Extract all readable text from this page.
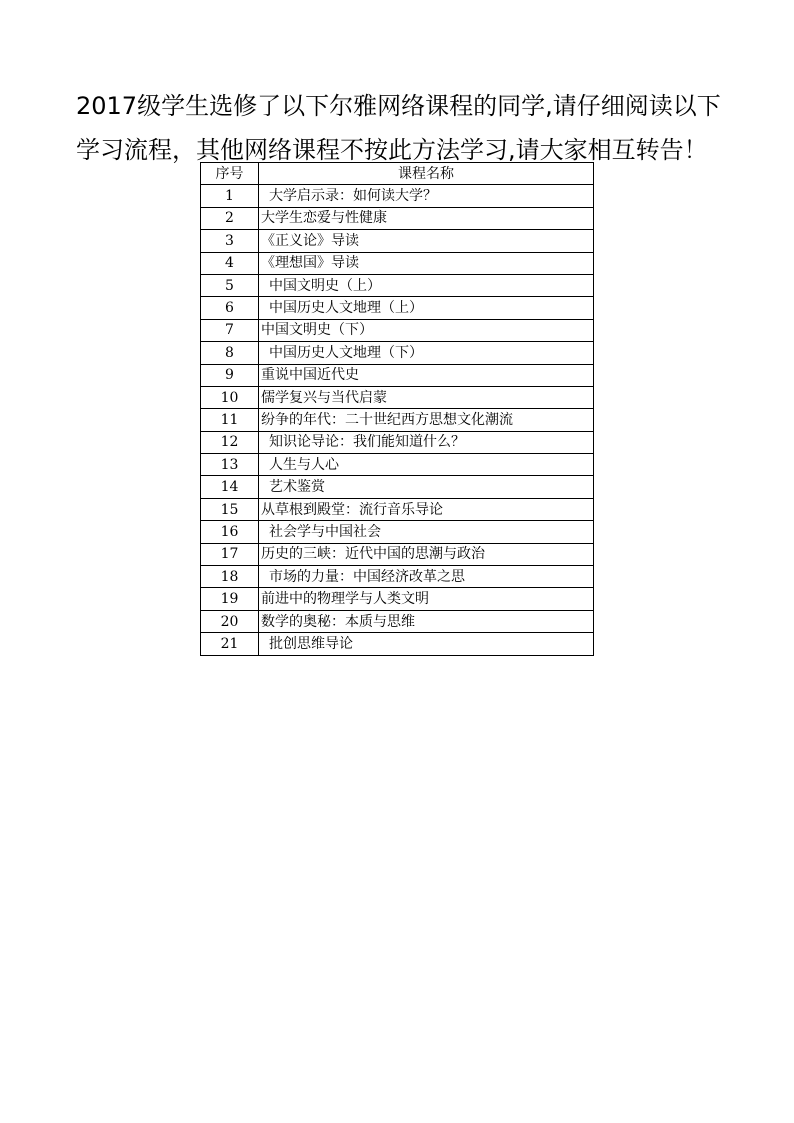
2017级学生选修了以下尔雅网络课程的同学,请仔细阅读以下
学习流程，其他网络课程不按此方法学习,请大家相互转告！

序号	课程名称
1	大学启示录：如何读大学？
2	大学生恋爱与性健康
3	《正义论》导读
4	《理想国》导读
5	中国文明史（上）
6	中国历史人文地理（上）
7	中国文明史（下）
8	中国历史人文地理（下）
9	重说中国近代史
10	儒学复兴与当代启蒙
11	纷争的年代：二十世纪西方思想文化潮流
12	知识论导论：我们能知道什么？
13	人生与人心
14	艺术鉴赏
15	从草根到殿堂：流行音乐导论
16	社会学与中国社会
17	历史的三峡：近代中国的思潮与政治
18	市场的力量：中国经济改革之思
19	前进中的物理学与人类文明
20	数学的奥秘：本质与思维
21	批创思维导论
